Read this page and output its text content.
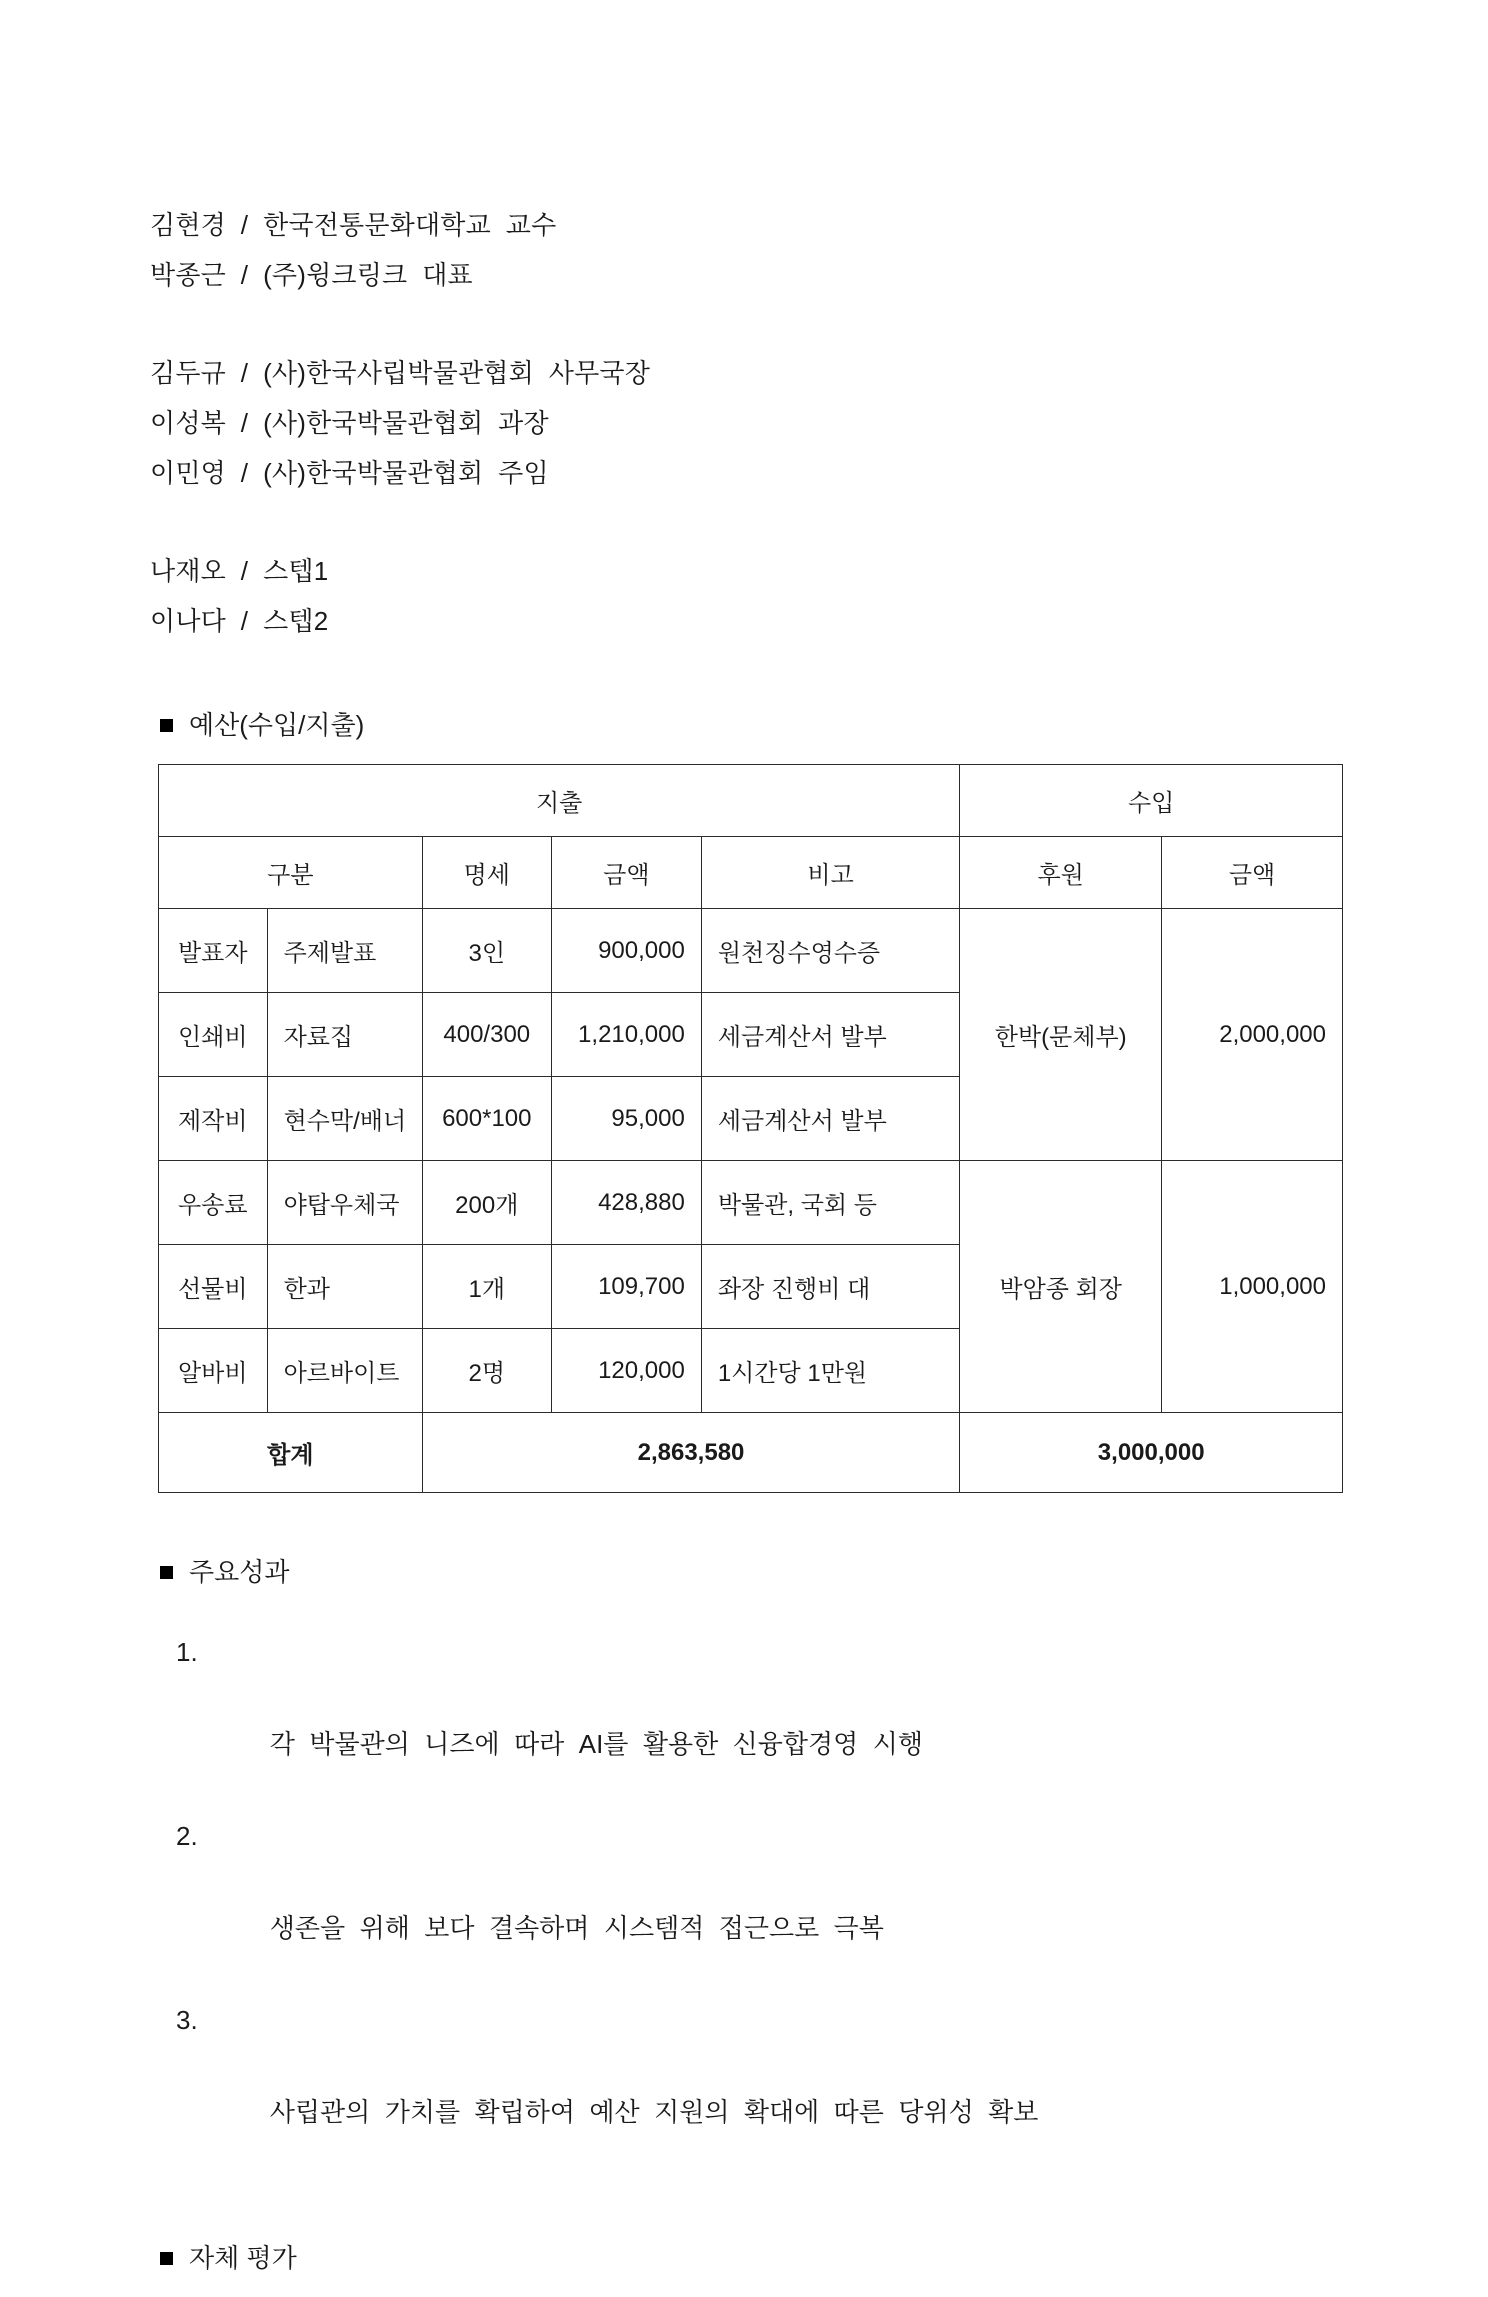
김현경  /  한국전통문화대학교  교수
박종근  /  (주)윙크링크  대표
김두규  /  (사)한국사립박물관협회  사무국장
이성복  /  (사)한국박물관협회  과장
이민영  /  (사)한국박물관협회  주임
나재오  /  스텝1
이나다  /  스텝2
예산(수입/지출)
지출					수입	
구분		명세	금액	비고	후원	금액
발표자	주제발표	3인	900,000	원천징수영수증	한박(문체부)	2,000,000
인쇄비	자료집	400/300	1,210,000	세금계산서 발부		
제작비	현수막/배너	600*100	95,000	세금계산서 발부		
우송료	야탑우체국	200개	428,880	박물관, 국회 등	박암종 회장	1,000,000
선물비	한과	1개	109,700	좌장 진행비 대		
알바비	아르바이트	2명	120,000	1시간당 1만원		
합계		2,863,580			3,000,000	
주요성과

1.

각  박물관의  니즈에  따라  AI를  활용한  신융합경영  시행

2.

생존을  위해  보다  결속하며  시스템적  접근으로  극복

3.

사립관의  가치를  확립하여  예산  지원의  확대에  따른  당위성  확보

자체 평가
